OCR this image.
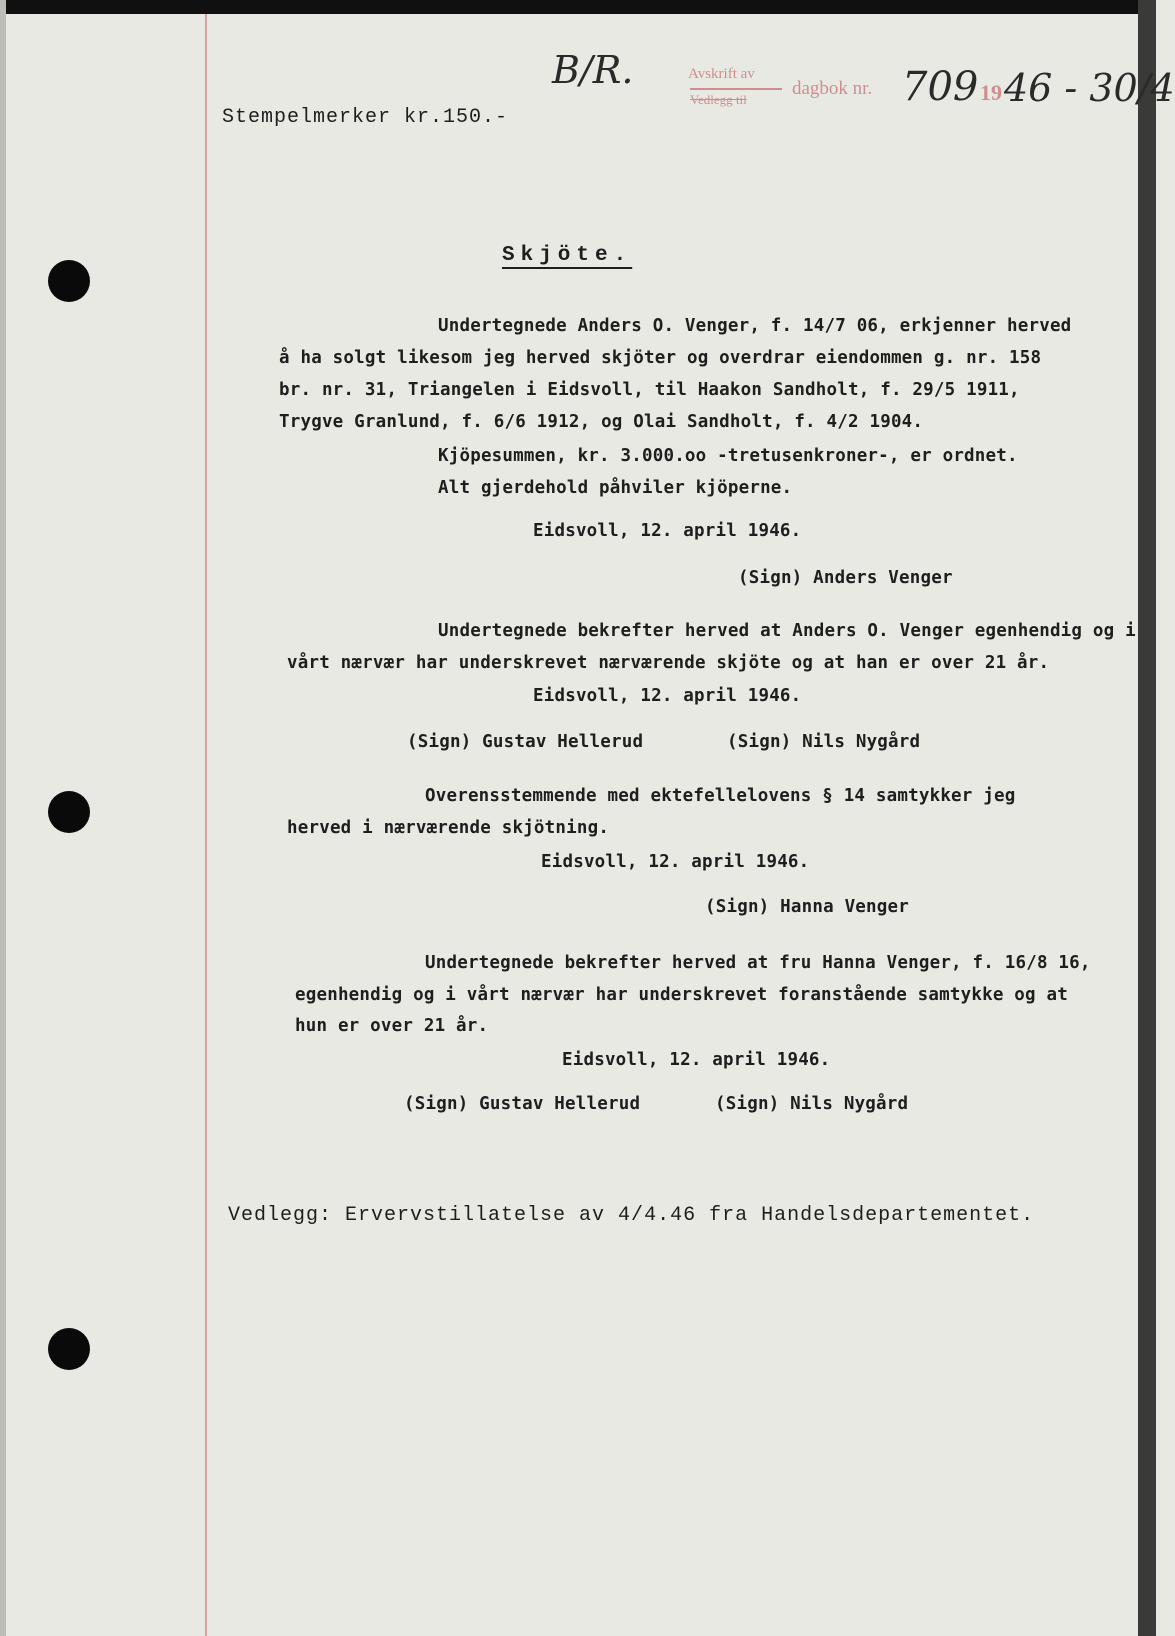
Stempelmerker kr.150.-
B/R.	Avskrift av
Vedlegg til
dagbok nr. 709 19 46 - 30/4
Skjöte.
Undertegnede Anders O. Venger, f. 14/7 06, erkjenner herved
å ha solgt likesom jeg herved skjöter og overdrar eiendommen g. nr. 158
br. nr. 31, Triangelen i Eidsvoll, til Haakon Sandholt, f. 29/5 1911,
Trygve Granlund, f. 6/6 1912, og Olai Sandholt, f. 4/2 1904.
Kjöpesummen, kr. 3.000.oo -tretusenkroner-, er ordnet.
Alt gjerdehold påhviler kjöperne.
Eidsvoll, 12. april 1946.
(Sign) Anders Venger
Undertegnede bekrefter herved at Anders O. Venger egenhendig og i
vårt nærvær har underskrevet nærværende skjöte og at han er over 21 år.
Eidsvoll, 12. april 1946.
(Sign) Gustav Hellerud	(Sign) Nils Nygård
Overensstemmende med ektefellelovens § 14 samtykker jeg
herved i nærværende skjötning.
Eidsvoll, 12. april 1946.
(Sign) Hanna Venger
Undertegnede bekrefter herved at fru Hanna Venger, f. 16/8 16,
egenhendig og i vårt nærvær har underskrevet foranstående samtykke og at
hun er over 21 år.
Eidsvoll, 12. april 1946.
(Sign) Gustav Hellerud	(Sign) Nils Nygård
Vedlegg: Ervervstillatelse av 4/4.46 fra Handelsdepartementet.
